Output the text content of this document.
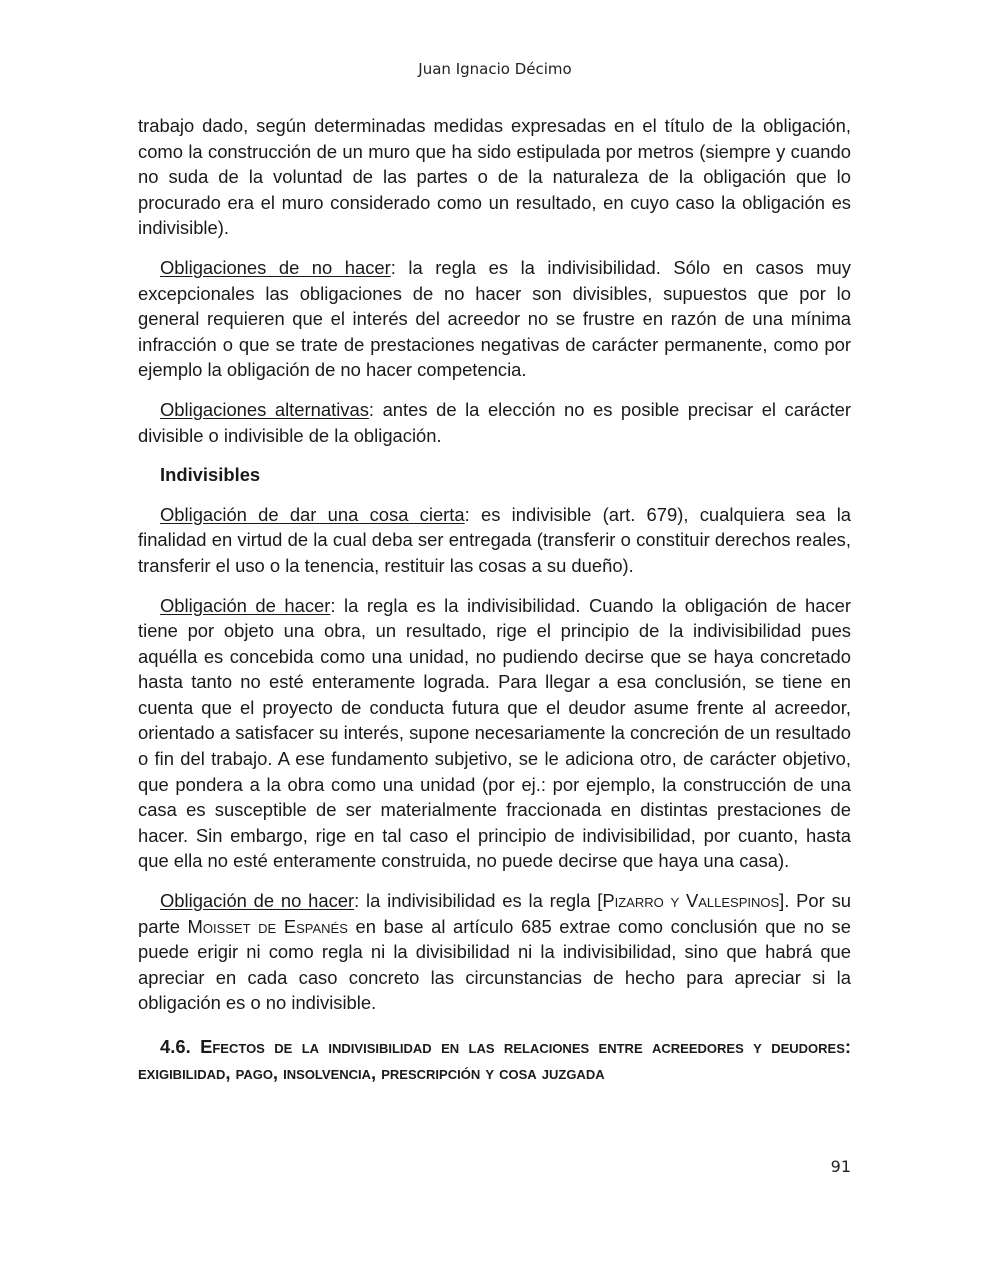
Juan Ignacio Décimo

trabajo dado, según determinadas medidas expresadas en el título de la obligación, como la construcción de un muro que ha sido estipulada por metros (siempre y cuando no suda de la voluntad de las partes o de la naturaleza de la obligación que lo procurado era el muro considerado como un resultado, en cuyo caso la obligación es indivisible).

Obligaciones de no hacer: la regla es la indivisibilidad. Sólo en casos muy excepcionales las obligaciones de no hacer son divisibles, supuestos que por lo general requieren que el interés del acreedor no se frustre en razón de una mínima infracción o que se trate de prestaciones negativas de carácter permanente, como por ejemplo la obligación de no hacer competencia.

Obligaciones alternativas: antes de la elección no es posible precisar el carácter divisible o indivisible de la obligación.

Indivisibles

Obligación de dar una cosa cierta: es indivisible (art. 679), cualquiera sea la finalidad en virtud de la cual deba ser entregada (transferir o constituir derechos reales, transferir el uso o la tenencia, restituir las cosas a su dueño).

Obligación de hacer: la regla es la indivisibilidad. Cuando la obligación de hacer tiene por objeto una obra, un resultado, rige el principio de la indivisibilidad pues aquélla es concebida como una unidad, no pudiendo decirse que se haya concretado hasta tanto no esté enteramente lograda. Para llegar a esa conclusión, se tiene en cuenta que el proyecto de conducta futura que el deudor asume frente al acreedor, orientado a satisfacer su interés, supone necesariamente la concreción de un resultado o fin del trabajo. A ese fundamento subjetivo, se le adiciona otro, de carácter objetivo, que pondera a la obra como una unidad (por ej.: por ejemplo, la construcción de una casa es susceptible de ser materialmente fraccionada en distintas prestaciones de hacer. Sin embargo, rige en tal caso el principio de indivisibilidad, por cuanto, hasta que ella no esté enteramente construida, no puede decirse que haya una casa).

Obligación de no hacer: la indivisibilidad es la regla [Pizarro y Vallespinos]. Por su parte Moisset de Espanés en base al artículo 685 extrae como conclusión que no se puede erigir ni como regla ni la divisibilidad ni la indivisibilidad, sino que habrá que apreciar en cada caso concreto las circunstancias de hecho para apreciar si la obligación es o no indivisible.

4.6. Efectos de la indivisibilidad en las relaciones entre acreedores y deudores: exigibilidad, pago, insolvencia, prescripción y cosa juzgada

91
